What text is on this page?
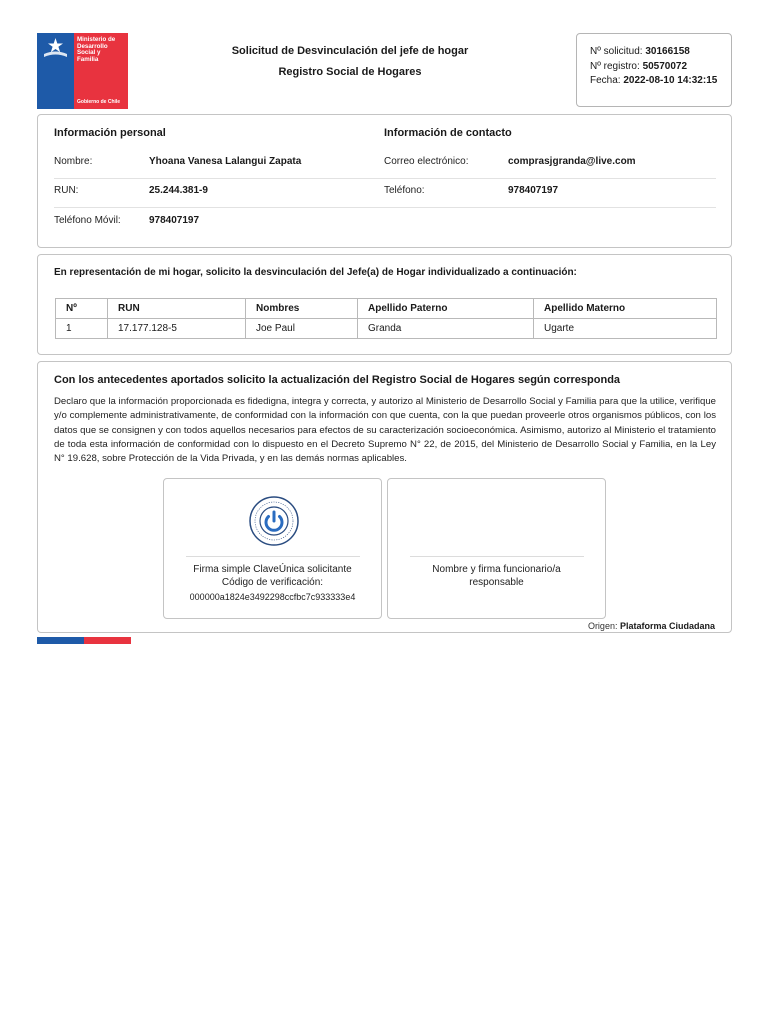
Ministerio de
Desarrollo
Social y
Familia
Gobierno de Chile
Solicitud de Desvinculación del jefe de hogar
Registro Social de Hogares
Nº solicitud: 30166158
Nº registro: 50570072
Fecha: 2022-08-10 14:32:15
Información personal	Información de contacto
Nombre:	Yhoana Vanesa Lalangui Zapata	Correo electrónico:	comprasjgranda@live.com
RUN:	25.244.381-9	Teléfono:	978407197
Teléfono Móvil:	978407197
En representación de mi hogar, solicito la desvinculación del Jefe(a) de Hogar individualizado a continuación:
Nº	RUN	Nombres	Apellido Paterno	Apellido Materno
1	17.177.128-5	Joe Paul	Granda	Ugarte
Con los antecedentes aportados solicito la actualización del Registro Social de Hogares según corresponda
Declaro que la información proporcionada es fidedigna, integra y correcta, y autorizo al Ministerio de Desarrollo Social y Familia para que la utilice, verifique y/o complemente administrativamente, de conformidad con la información con que cuenta, con la que puedan proveerle otros organismos públicos, con los datos que se consignen y con todos aquellos necesarios para efectos de su caracterización socioeconómica. Asimismo, autorizo al Ministerio el tratamiento de toda esta información de conformidad con lo dispuesto en el Decreto Supremo N° 22, de 2015, del Ministerio de Desarrollo Social y Familia, en la Ley N° 19.628, sobre Protección de la Vida Privada, y en las demás normas aplicables.
Firma simple ClaveÚnica solicitante
Código de verificación:
000000a1824e3492298ccfbc7c933333e4
Nombre y firma funcionario/a
responsable
Origen: Plataforma Ciudadana
